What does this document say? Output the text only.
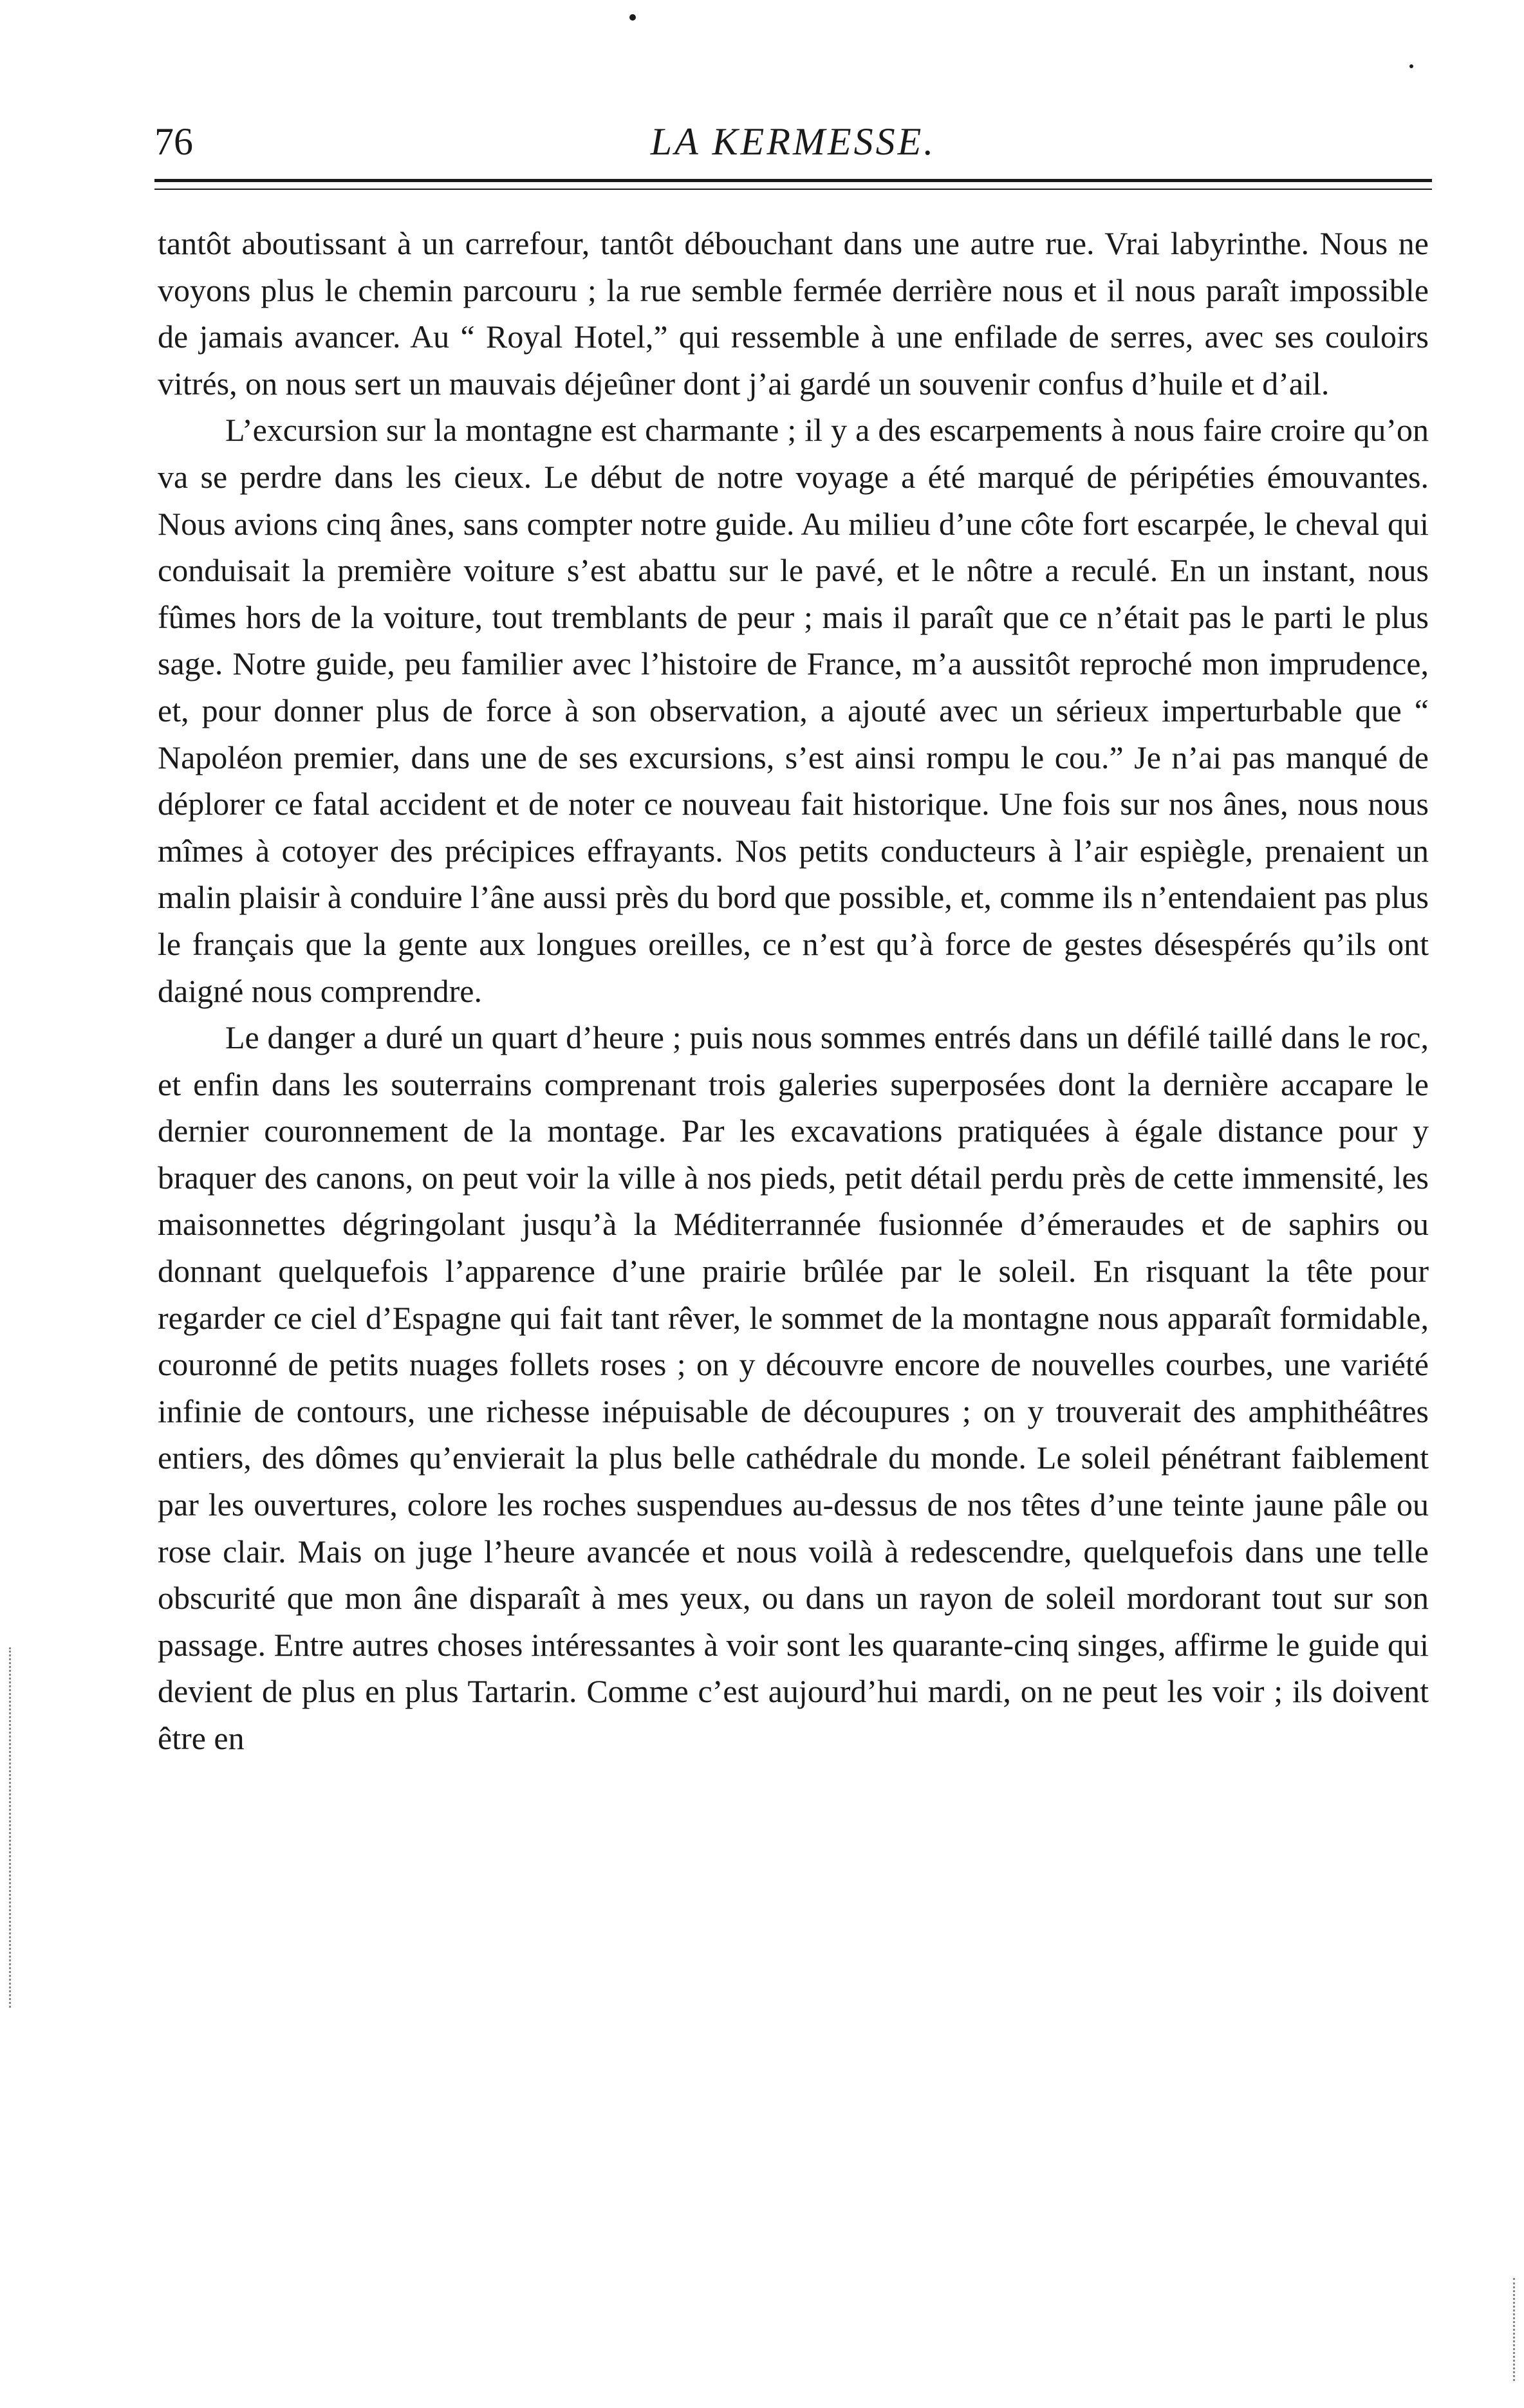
76	LA KERMESSE.

tantôt aboutissant à un carrefour, tantôt débouchant dans une autre rue. Vrai labyrinthe. Nous ne voyons plus le chemin parcouru ; la rue semble fermée derrière nous et il nous paraît impossible de jamais avancer. Au “ Royal Hotel,” qui ressemble à une enfilade de serres, avec ses couloirs vitrés, on nous sert un mauvais déjeûner dont j’ai gardé un souvenir confus d’huile et d’ail.

L’excursion sur la montagne est charmante ; il y a des escarpements à nous faire croire qu’on va se perdre dans les cieux. Le début de notre voyage a été marqué de péripéties émouvantes. Nous avions cinq ânes, sans compter notre guide. Au milieu d’une côte fort escarpée, le cheval qui conduisait la première voiture s’est abattu sur le pavé, et le nôtre a reculé. En un instant, nous fûmes hors de la voiture, tout tremblants de peur ; mais il paraît que ce n’était pas le parti le plus sage. Notre guide, peu familier avec l’histoire de France, m’a aussitôt reproché mon imprudence, et, pour donner plus de force à son observation, a ajouté avec un sérieux imperturbable que “ Napoléon premier, dans une de ses excursions, s’est ainsi rompu le cou.” Je n’ai pas manqué de déplorer ce fatal accident et de noter ce nouveau fait historique. Une fois sur nos ânes, nous nous mîmes à cotoyer des précipices effrayants. Nos petits conducteurs à l’air espiègle, prenaient un malin plaisir à conduire l’âne aussi près du bord que possible, et, comme ils n’entendaient pas plus le français que la gente aux longues oreilles, ce n’est qu’à force de gestes désespérés qu’ils ont daigné nous comprendre.

Le danger a duré un quart d’heure ; puis nous sommes entrés dans un défilé taillé dans le roc, et enfin dans les souterrains comprenant trois galeries superposées dont la dernière accapare le dernier couronnement de la montage. Par les excavations pratiquées à égale distance pour y braquer des canons, on peut voir la ville à nos pieds, petit détail perdu près de cette immensité, les maisonnettes dégringolant jusqu’à la Méditerrannée fusionnée d’émeraudes et de saphirs ou donnant quelquefois l’apparence d’une prairie brûlée par le soleil. En risquant la tête pour regarder ce ciel d’Espagne qui fait tant rêver, le sommet de la montagne nous apparaît formidable, couronné de petits nuages follets roses ; on y découvre encore de nouvelles courbes, une variété infinie de contours, une richesse inépuisable de découpures ; on y trouverait des amphithéâtres entiers, des dômes qu’envierait la plus belle cathédrale du monde. Le soleil pénétrant faiblement par les ouvertures, colore les roches suspendues au-dessus de nos têtes d’une teinte jaune pâle ou rose clair. Mais on juge l’heure avancée et nous voilà à redescendre, quelquefois dans une telle obscurité que mon âne disparaît à mes yeux, ou dans un rayon de soleil mordorant tout sur son passage. Entre autres choses intéressantes à voir sont les quarante-cinq singes, affirme le guide qui devient de plus en plus Tartarin. Comme c’est aujourd’hui mardi, on ne peut les voir ; ils doivent être en
